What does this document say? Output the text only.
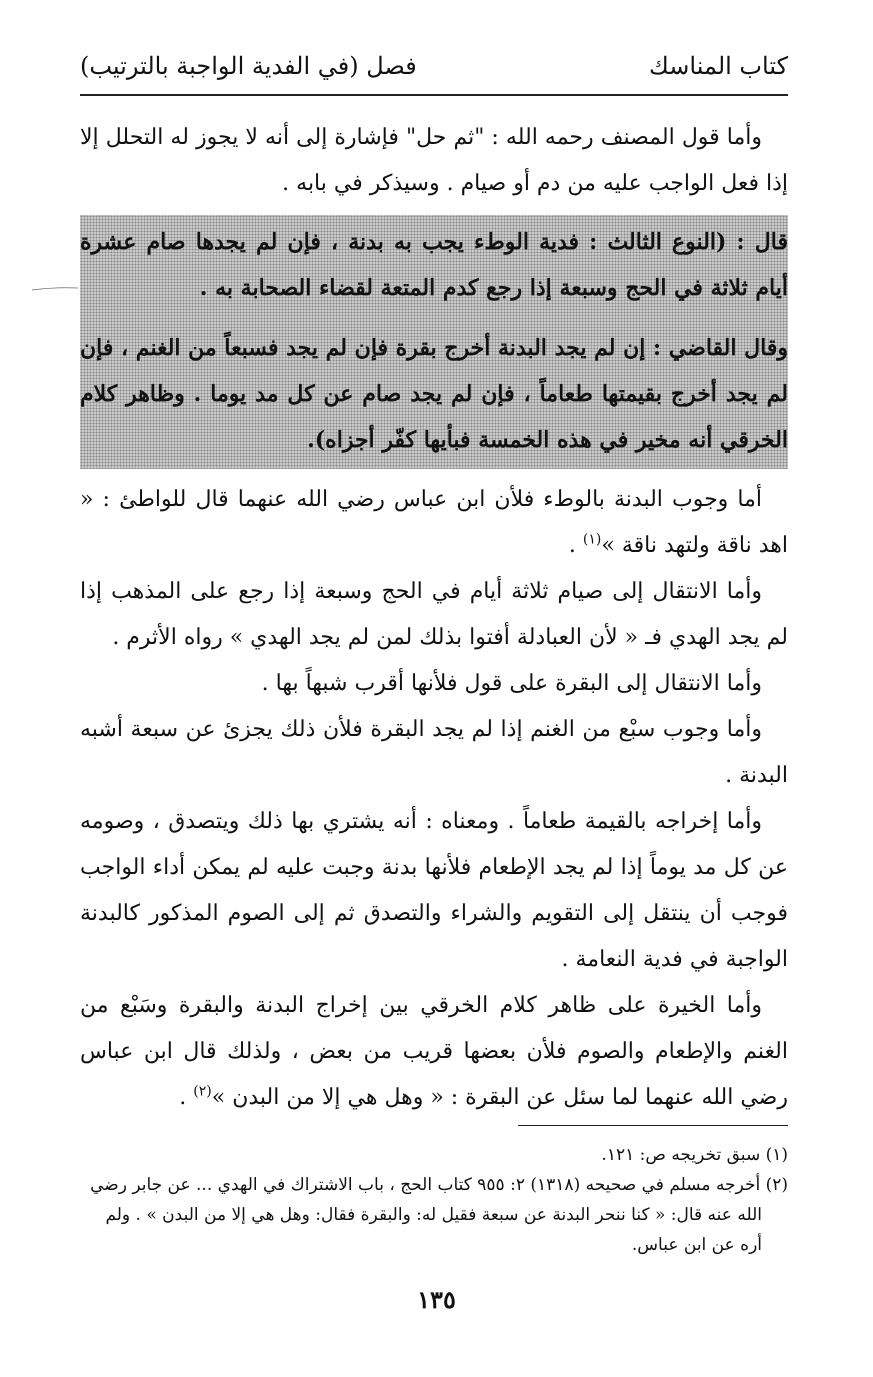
كتاب المناسك
فصل (في الفدية الواجبة بالترتيب)

وأما قول المصنف رحمه الله : "ثم حل" فإشارة إلى أنه لا يجوز له التحلل إلا إذا فعل الواجب عليه من دم أو صيام . وسيذكر في بابه .

قال : (النوع الثالث : فدية الوطء يجب به بدنة ، فإن لم يجدها صام عشرة أيام ثلاثة في الحج وسبعة إذا رجع كدم المتعة لقضاء الصحابة به .

وقال القاضي : إن لم يجد البدنة أخرج بقرة فإن لم يجد فسبعاً من الغنم ، فإن لم يجد أخرج بقيمتها طعاماً ، فإن لم يجد صام عن كل مد يوما . وظاهر كلام الخرقي أنه مخير في هذه الخمسة فبأيها كفّر أجزاه).

أما وجوب البدنة بالوطء فلأن ابن عباس رضي الله عنهما قال للواطئ : « اهد ناقة ولتهد ناقة »$^{(١)}$ .

وأما الانتقال إلى صيام ثلاثة أيام في الحج وسبعة إذا رجع على المذهب إذا لم يجد الهدي فـ « لأن العبادلة أفتوا بذلك لمن لم يجد الهدي » رواه الأثرم .

وأما الانتقال إلى البقرة على قول فلأنها أقرب شبهاً بها .

وأما وجوب سبْع من الغنم إذا لم يجد البقرة فلأن ذلك يجزئ عن سبعة أشبه البدنة .

وأما إخراجه بالقيمة طعاماً . ومعناه : أنه يشتري بها ذلك ويتصدق ، وصومه عن كل مد يوماً إذا لم يجد الإطعام فلأنها بدنة وجبت عليه لم يمكن أداء الواجب فوجب أن ينتقل إلى التقويم والشراء والتصدق ثم إلى الصوم المذكور كالبدنة الواجبة في فدية النعامة .

وأما الخيرة على ظاهر كلام الخرقي بين إخراج البدنة والبقرة وسَبْع من الغنم والإطعام والصوم فلأن بعضها قريب من بعض ، ولذلك قال ابن عباس رضي الله عنهما لما سئل عن البقرة : « وهل هي إلا من البدن »$^{(٢)}$ .

(١) سبق تخريجه ص: ١٢١.

(٢) أخرجه مسلم في صحيحه (١٣١٨) ٢: ٩٥٥ كتاب الحج ، باب الاشتراك في الهدي ... عن جابر رضي الله عنه قال: « كنا ننحر البدنة عن سبعة فقيل له: والبقرة فقال: وهل هي إلا من البدن » . ولم أره عن ابن عباس.

١٣٥
